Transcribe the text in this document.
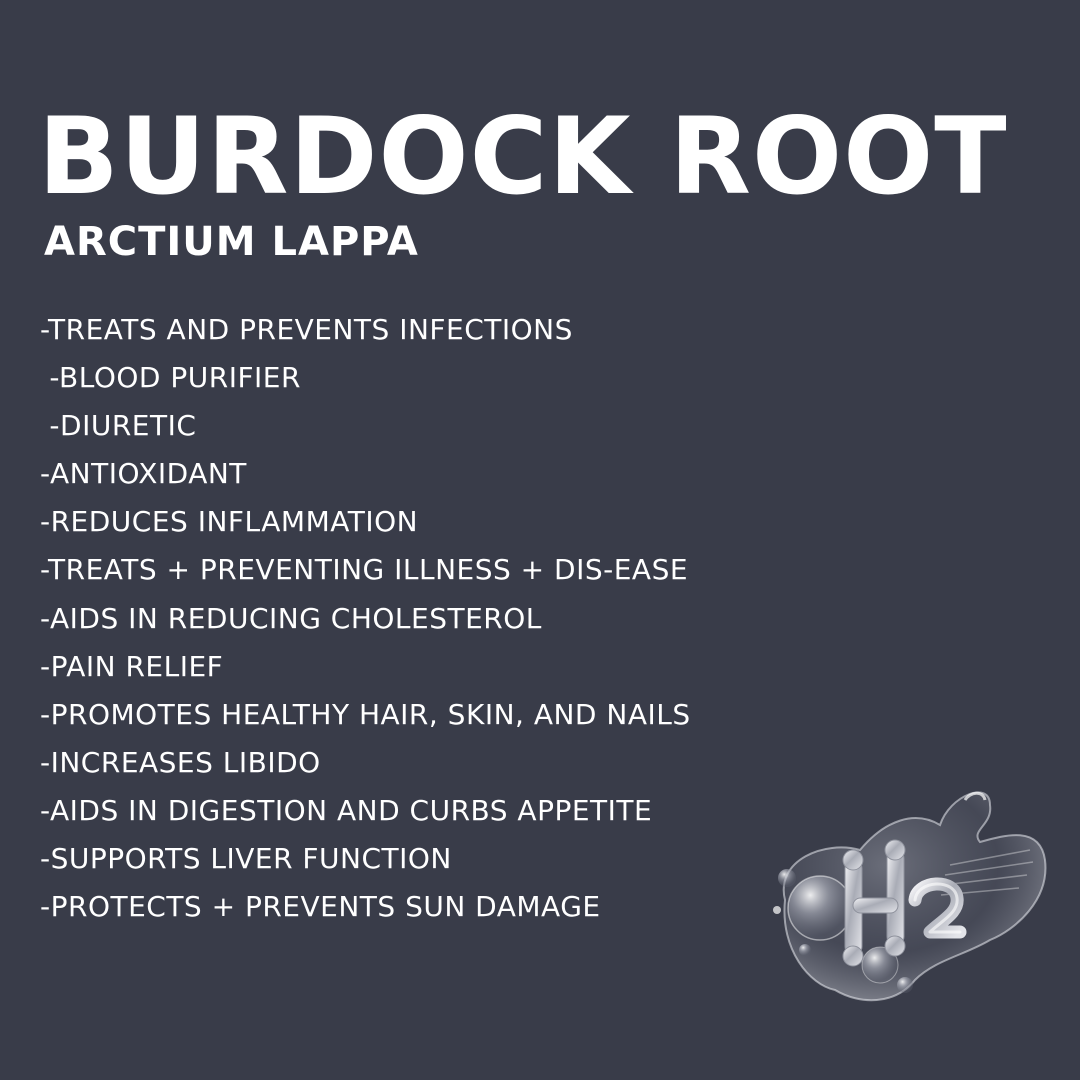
BURDOCK ROOT
ARCTIUM LAPPA
-TREATS AND PREVENTS INFECTIONS
-BLOOD PURIFIER
-DIURETIC
-ANTIOXIDANT
-REDUCES INFLAMMATION
-TREATS + PREVENTING ILLNESS + DIS-EASE
-AIDS IN REDUCING CHOLESTEROL
-PAIN RELIEF
-PROMOTES HEALTHY HAIR, SKIN, AND NAILS
-INCREASES LIBIDO
-AIDS IN DIGESTION AND CURBS APPETITE
-SUPPORTS LIVER FUNCTION
-PROTECTS + PREVENTS SUN DAMAGE
